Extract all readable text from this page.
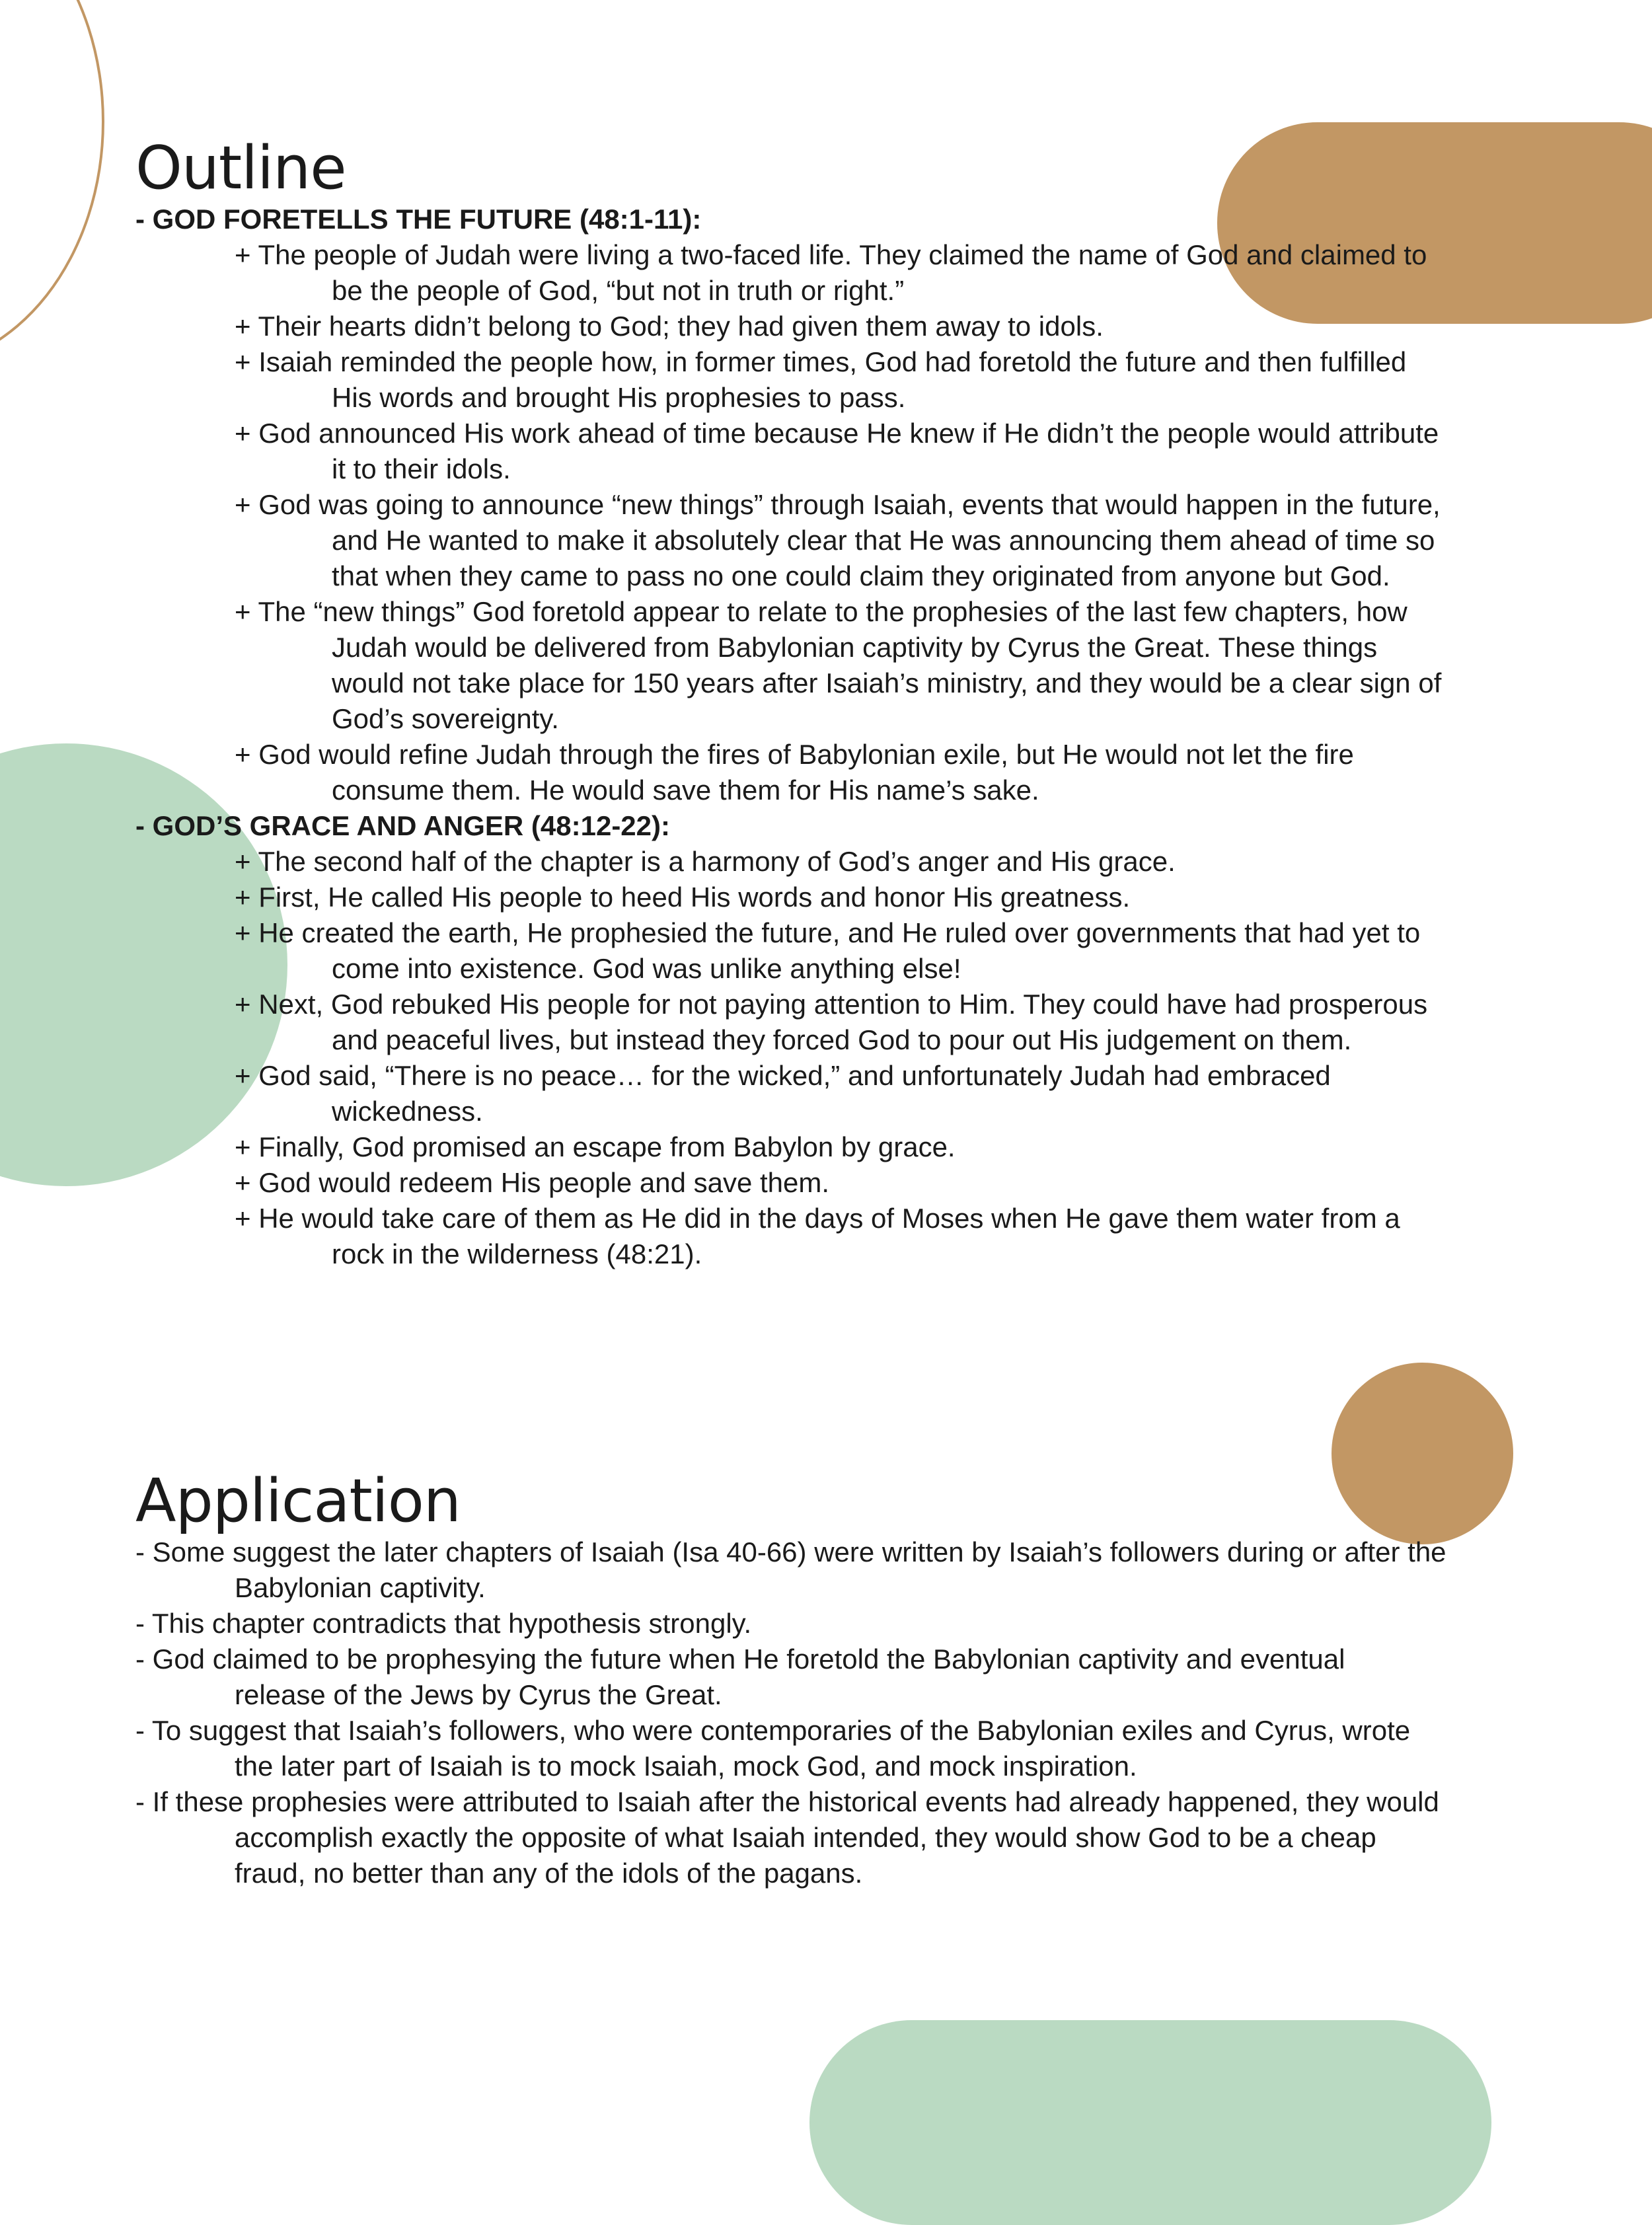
Outline
- GOD FORETELLS THE FUTURE (48:1-11):
+ The people of Judah were living a two-faced life. They claimed the name of God and claimed to
be the people of God, “but not in truth or right.”
+ Their hearts didn’t belong to God; they had given them away to idols.
+ Isaiah reminded the people how, in former times, God had foretold the future and then fulfilled
His words and brought His prophesies to pass.
+ God announced His work ahead of time because He knew if He didn’t the people would attribute
it to their idols.
+ God was going to announce “new things” through Isaiah, events that would happen in the future,
and He wanted to make it absolutely clear that He was announcing them ahead of time so
that when they came to pass no one could claim they originated from anyone but God.
+ The “new things” God foretold appear to relate to the prophesies of the last few chapters, how
Judah would be delivered from Babylonian captivity by Cyrus the Great. These things
would not take place for 150 years after Isaiah’s ministry, and they would be a clear sign of
God’s sovereignty.
+ God would refine Judah through the fires of Babylonian exile, but He would not let the fire
consume them. He would save them for His name’s sake.
- GOD’S GRACE AND ANGER (48:12-22):
+ The second half of the chapter is a harmony of God’s anger and His grace.
+ First, He called His people to heed His words and honor His greatness.
+ He created the earth, He prophesied the future, and He ruled over governments that had yet to
come into existence. God was unlike anything else!
+ Next, God rebuked His people for not paying attention to Him. They could have had prosperous
and peaceful lives, but instead they forced God to pour out His judgement on them.
+ God said, “There is no peace… for the wicked,” and unfortunately Judah had embraced
wickedness.
+ Finally, God promised an escape from Babylon by grace.
+ God would redeem His people and save them.
+ He would take care of them as He did in the days of Moses when He gave them water from a
rock in the wilderness (48:21).
Application
- Some suggest the later chapters of Isaiah (Isa 40-66) were written by Isaiah’s followers during or after the
Babylonian captivity.
- This chapter contradicts that hypothesis strongly.
- God claimed to be prophesying the future when He foretold the Babylonian captivity and eventual
release of the Jews by Cyrus the Great.
- To suggest that Isaiah’s followers, who were contemporaries of the Babylonian exiles and Cyrus, wrote
the later part of Isaiah is to mock Isaiah, mock God, and mock inspiration.
- If these prophesies were attributed to Isaiah after the historical events had already happened, they would
accomplish exactly the opposite of what Isaiah intended, they would show God to be a cheap
fraud, no better than any of the idols of the pagans.
